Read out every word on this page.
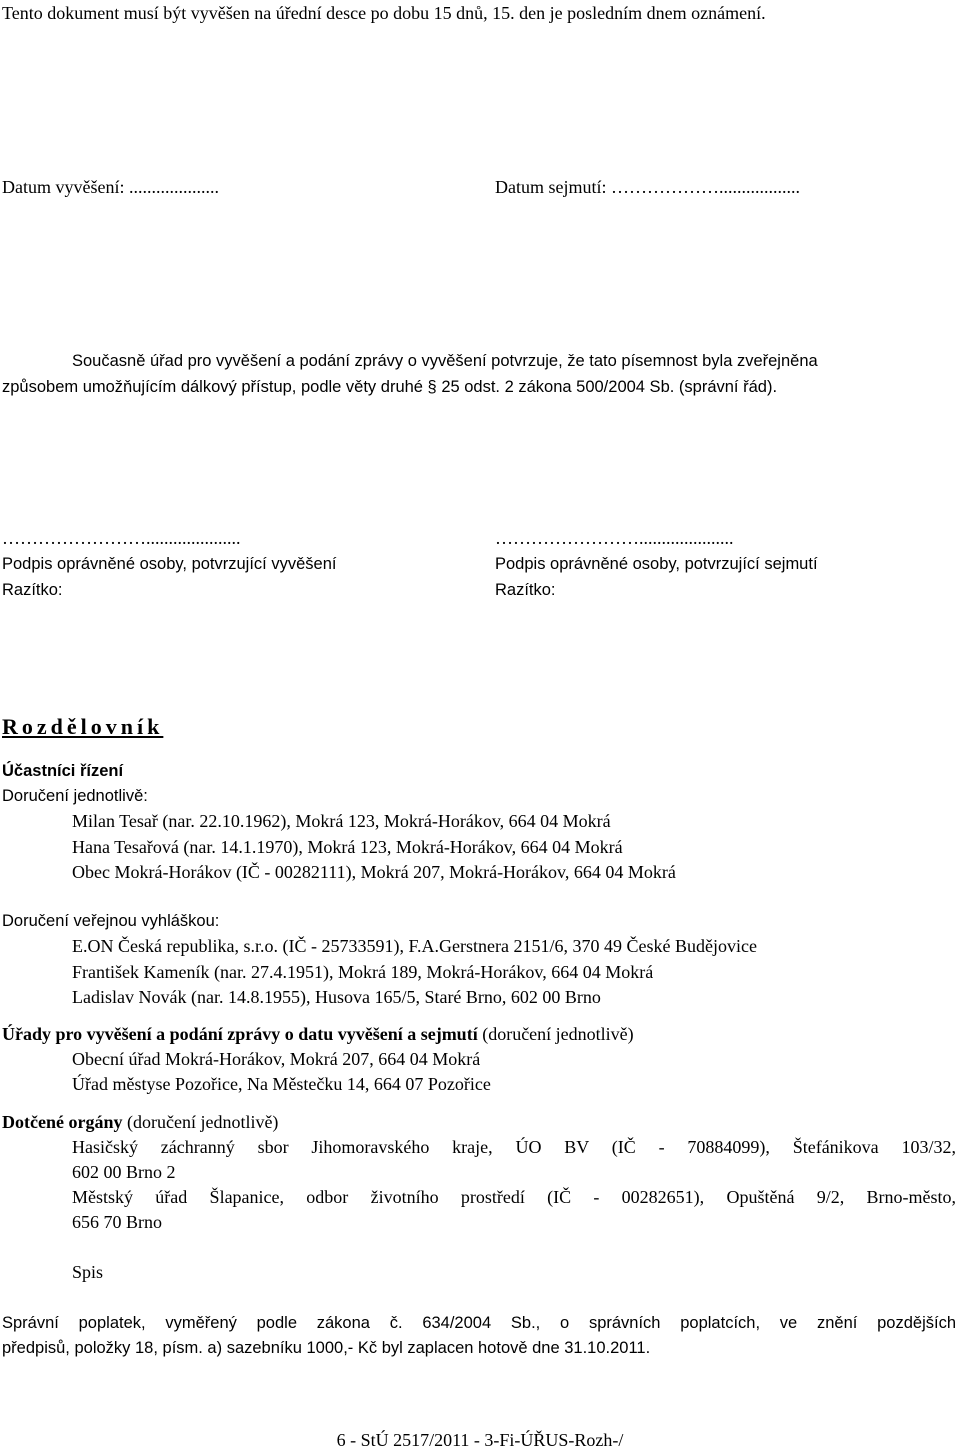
Tento dokument musí být vyvěšen na úřední desce po dobu 15 dnů, 15. den je posledním dnem oznámení.
Datum vyvěšení: ....................	Datum sejmutí: ………………..................
Současně úřad pro vyvěšení a podání zprávy o vyvěšení potvrzuje, že tato písemnost byla zveřejněna
způsobem umožňujícím dálkový přístup, podle věty druhé § 25 odst. 2 zákona 500/2004 Sb. (správní řád).
…………………….....................
Podpis oprávněné osoby, potvrzující vyvěšení
Razítko:
…………………….....................
Podpis oprávněné osoby, potvrzující sejmutí
Razítko:
Rozdělovník
Účastníci řízení
Doručení jednotlivě:
Milan Tesař (nar. 22.10.1962), Mokrá 123, Mokrá-Horákov, 664 04 Mokrá
Hana Tesařová (nar. 14.1.1970), Mokrá 123, Mokrá-Horákov, 664 04 Mokrá
Obec Mokrá-Horákov (IČ - 00282111), Mokrá 207, Mokrá-Horákov, 664 04 Mokrá
Doručení veřejnou vyhláškou:
E.ON Česká republika, s.r.o. (IČ - 25733591), F.A.Gerstnera 2151/6, 370 49 České Budějovice
František Kameník (nar. 27.4.1951), Mokrá 189, Mokrá-Horákov, 664 04 Mokrá
Ladislav Novák (nar. 14.8.1955), Husova 165/5, Staré Brno, 602 00 Brno
Úřady pro vyvěšení a podání zprávy o datu vyvěšení a sejmutí (doručení jednotlivě)
Obecní úřad Mokrá-Horákov, Mokrá 207, 664 04 Mokrá
Úřad městyse Pozořice, Na Městečku 14, 664 07 Pozořice
Dotčené orgány (doručení jednotlivě)
Hasičský záchranný sbor Jihomoravského kraje, ÚO BV (IČ - 70884099), Štefánikova 103/32,
602 00 Brno 2
Městský úřad Šlapanice, odbor životního prostředí (IČ - 00282651), Opuštěná 9/2, Brno-město,
656 70 Brno
Spis
Správní poplatek, vyměřený podle zákona č. 634/2004 Sb., o správních poplatcích, ve znění pozdějších
předpisů, položky 18, písm. a) sazebníku 1000,- Kč byl zaplacen hotově dne 31.10.2011.
6 - StÚ 2517/2011 - 3-Fi-ÚŘUS-Rozh-/
